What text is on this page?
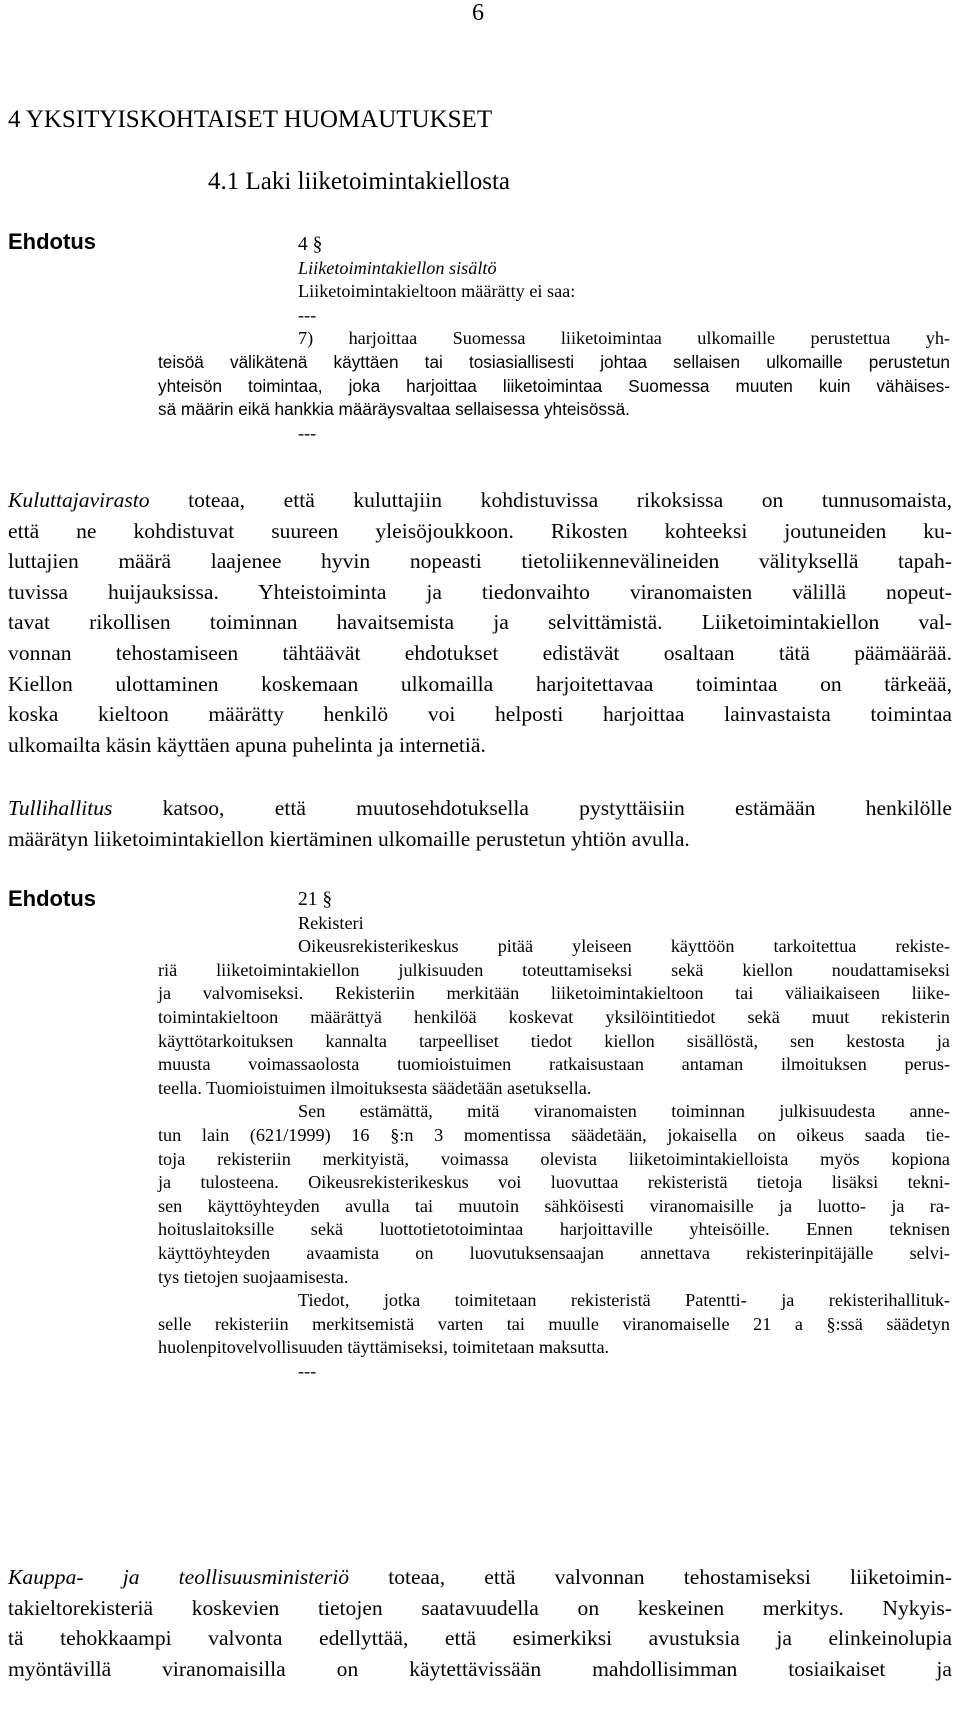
6
4 YKSITYISKOHTAISET HUOMAUTUKSET
4.1 Laki liiketoimintakiellosta
Ehdotus	4 §
Liiketoimintakiellon sisältö
Liiketoimintakieltoon määrätty ei saa:
---
7) harjoittaa Suomessa liiketoimintaa ulkomaille perustettua yh-
teisöä välikätenä käyttäen tai tosiasiallisesti johtaa sellaisen ulkomaille perustetun
yhteisön toimintaa, joka harjoittaa liiketoimintaa Suomessa muuten kuin vähäises-
sä määrin eikä hankkia määräysvaltaa sellaisessa yhteisössä.
---
Kuluttajavirasto toteaa, että kuluttajiin kohdistuvissa rikoksissa on tunnusomaista,
että ne kohdistuvat suureen yleisöjoukkoon. Rikosten kohteeksi joutuneiden ku-
luttajien määrä laajenee hyvin nopeasti tietoliikennevälineiden välityksellä tapah-
tuvissa huijauksissa. Yhteistoiminta ja tiedonvaihto viranomaisten välillä nopeut-
tavat rikollisen toiminnan havaitsemista ja selvittämistä. Liiketoimintakiellon val-
vonnan tehostamiseen tähtäävät ehdotukset edistävät osaltaan tätä päämäärää.
Kiellon ulottaminen koskemaan ulkomailla harjoitettavaa toimintaa on tärkeää,
koska kieltoon määrätty henkilö voi helposti harjoittaa lainvastaista toimintaa
ulkomailta käsin käyttäen apuna puhelinta ja internetiä.
Tullihallitus katsoo, että muutosehdotuksella pystyttäisiin estämään henkilölle
määrätyn liiketoimintakiellon kiertäminen ulkomaille perustetun yhtiön avulla.
Ehdotus	21 §
Rekisteri
Oikeusrekisterikeskus pitää yleiseen käyttöön tarkoitettua rekiste-
riä liiketoimintakiellon julkisuuden toteuttamiseksi sekä kiellon noudattamiseksi
ja valvomiseksi. Rekisteriin merkitään liiketoimintakieltoon tai väliaikaiseen liike-
toimintakieltoon määrättyä henkilöä koskevat yksilöintitiedot sekä muut rekisterin
käyttötarkoituksen kannalta tarpeelliset tiedot kiellon sisällöstä, sen kestosta ja
muusta voimassaolosta tuomioistuimen ratkaisustaan antaman ilmoituksen perus-
teella. Tuomioistuimen ilmoituksesta säädetään asetuksella.
Sen estämättä, mitä viranomaisten toiminnan julkisuudesta anne-
tun lain (621/1999) 16 §:n 3 momentissa säädetään, jokaisella on oikeus saada tie-
toja rekisteriin merkityistä, voimassa olevista liiketoimintakielloista myös kopiona
ja tulosteena. Oikeusrekisterikeskus voi luovuttaa rekisteristä tietoja lisäksi tekni-
sen käyttöyhteyden avulla tai muutoin sähköisesti viranomaisille ja luotto- ja ra-
hoituslaitoksille sekä luottotietotoimintaa harjoittaville yhteisöille. Ennen teknisen
käyttöyhteyden avaamista on luovutuksensaajan annettava rekisterinpitäjälle selvi-
tys tietojen suojaamisesta.
Tiedot, jotka toimitetaan rekisteristä Patentti- ja rekisterihallituk-
selle rekisteriin merkitsemistä varten tai muulle viranomaiselle 21 a §:ssä säädetyn
huolenpitovelvollisuuden täyttämiseksi, toimitetaan maksutta.
---
Kauppa- ja teollisuusministeriö toteaa, että valvonnan tehostamiseksi liiketoimin-
takieltorekisteriä koskevien tietojen saatavuudella on keskeinen merkitys. Nykyis-
tä tehokkaampi valvonta edellyttää, että esimerkiksi avustuksia ja elinkeinolupia
myöntävillä viranomaisilla on käytettävissään mahdollisimman tosiaikaiset ja
